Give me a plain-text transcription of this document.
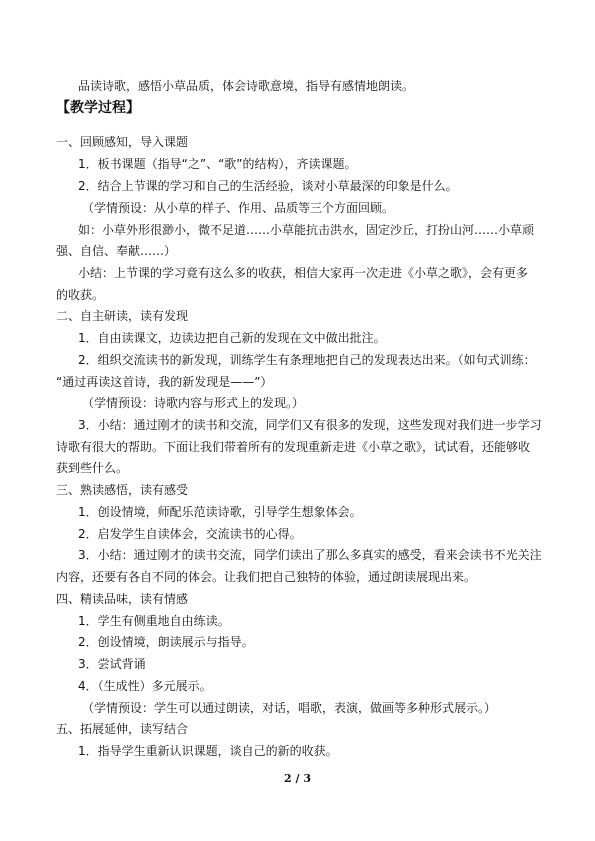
品读诗歌，感悟小草品质，体会诗歌意境，指导有感情地朗读。
【教学过程】
一、回顾感知，导入课题
1．板书课题（指导“之”、“歌”的结构），齐读课题。
2．结合上节课的学习和自己的生活经验，谈对小草最深的印象是什么。
（学情预设：从小草的样子、作用、品质等三个方面回顾。
如：小草外形很渺小，微不足道……小草能抗击洪水，固定沙丘，打扮山河……小草顽
强、自信、奉献……）
小结：上节课的学习竟有这么多的收获，相信大家再一次走进《小草之歌》，会有更多
的收获。
二、自主研读，读有发现
1．自由读课文，边读边把自己新的发现在文中做出批注。
2．组织交流读书的新发现，训练学生有条理地把自己的发现表达出来。（如句式训练：
“通过再读这首诗，我的新发现是——”）
（学情预设：诗歌内容与形式上的发现。）
3．小结：通过刚才的读书和交流，同学们又有很多的发现，这些发现对我们进一步学习
诗歌有很大的帮助。下面让我们带着所有的发现重新走进《小草之歌》，试试看，还能够收
获到些什么。
三、熟读感悟，读有感受
1．创设情境，师配乐范读诗歌，引导学生想象体会。
2．启发学生自读体会，交流读书的心得。
3．小结：通过刚才的读书交流，同学们读出了那么多真实的感受，看来会读书不光关注
内容，还要有各自不同的体会。让我们把自己独特的体验，通过朗读展现出来。
四、精读品味，读有情感
1．学生有侧重地自由练读。
2．创设情境，朗读展示与指导。
3．尝试背诵
4．（生成性）多元展示。
（学情预设：学生可以通过朗读，对话，唱歌，表演，做画等多种形式展示。）
五、拓展延伸，读写结合
1．指导学生重新认识课题，谈自己的新的收获。
2 / 3
